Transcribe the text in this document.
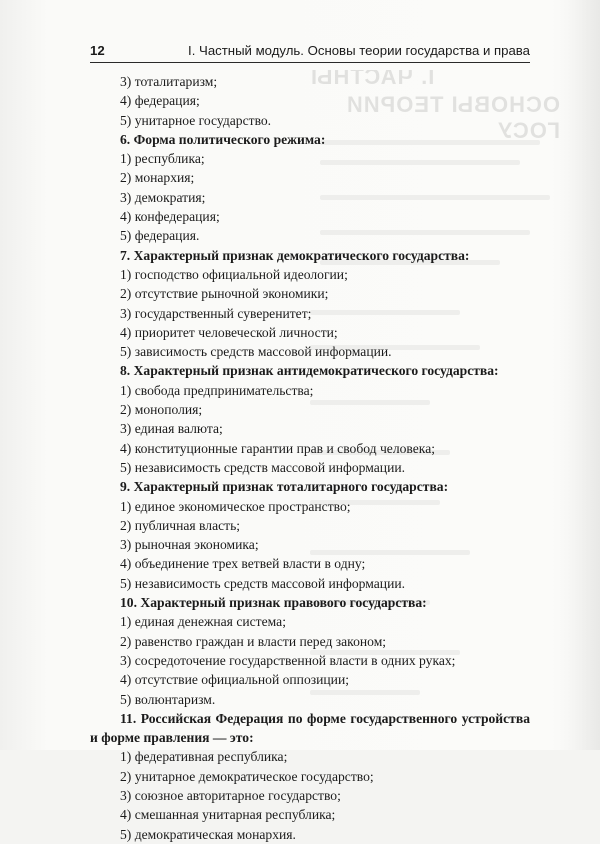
12	I. Частный модуль. Основы теории государства и права
I. ЧАСТНЫ
ОСНОВЫ ТЕОРИИ ГОСУ
3) тоталитаризм;
4) федерация;
5) унитарное государство.
6. Форма политического режима:
1) республика;
2) монархия;
3) демократия;
4) конфедерация;
5) федерация.
7. Характерный признак демократического государства:
1) господство официальной идеологии;
2) отсутствие рыночной экономики;
3) государственный суверенитет;
4) приоритет человеческой личности;
5) зависимость средств массовой информации.
8. Характерный признак антидемократического государства:
1) свобода предпринимательства;
2) монополия;
3) единая валюта;
4) конституционные гарантии прав и свобод человека;
5) независимость средств массовой информации.
9. Характерный признак тоталитарного государства:
1) единое экономическое пространство;
2) публичная власть;
3) рыночная экономика;
4) объединение трех ветвей власти в одну;
5) независимость средств массовой информации.
10. Характерный признак правового государства:
1) единая денежная система;
2) равенство граждан и власти перед законом;
3) сосредоточение государственной власти в одних руках;
4) отсутствие официальной оппозиции;
5) волюнтаризм.
11. Российская Федерация по форме государственного устройства и форме правления — это:
1) федеративная республика;
2) унитарное демократическое государство;
3) союзное авторитарное государство;
4) смешанная унитарная республика;
5) демократическая монархия.
